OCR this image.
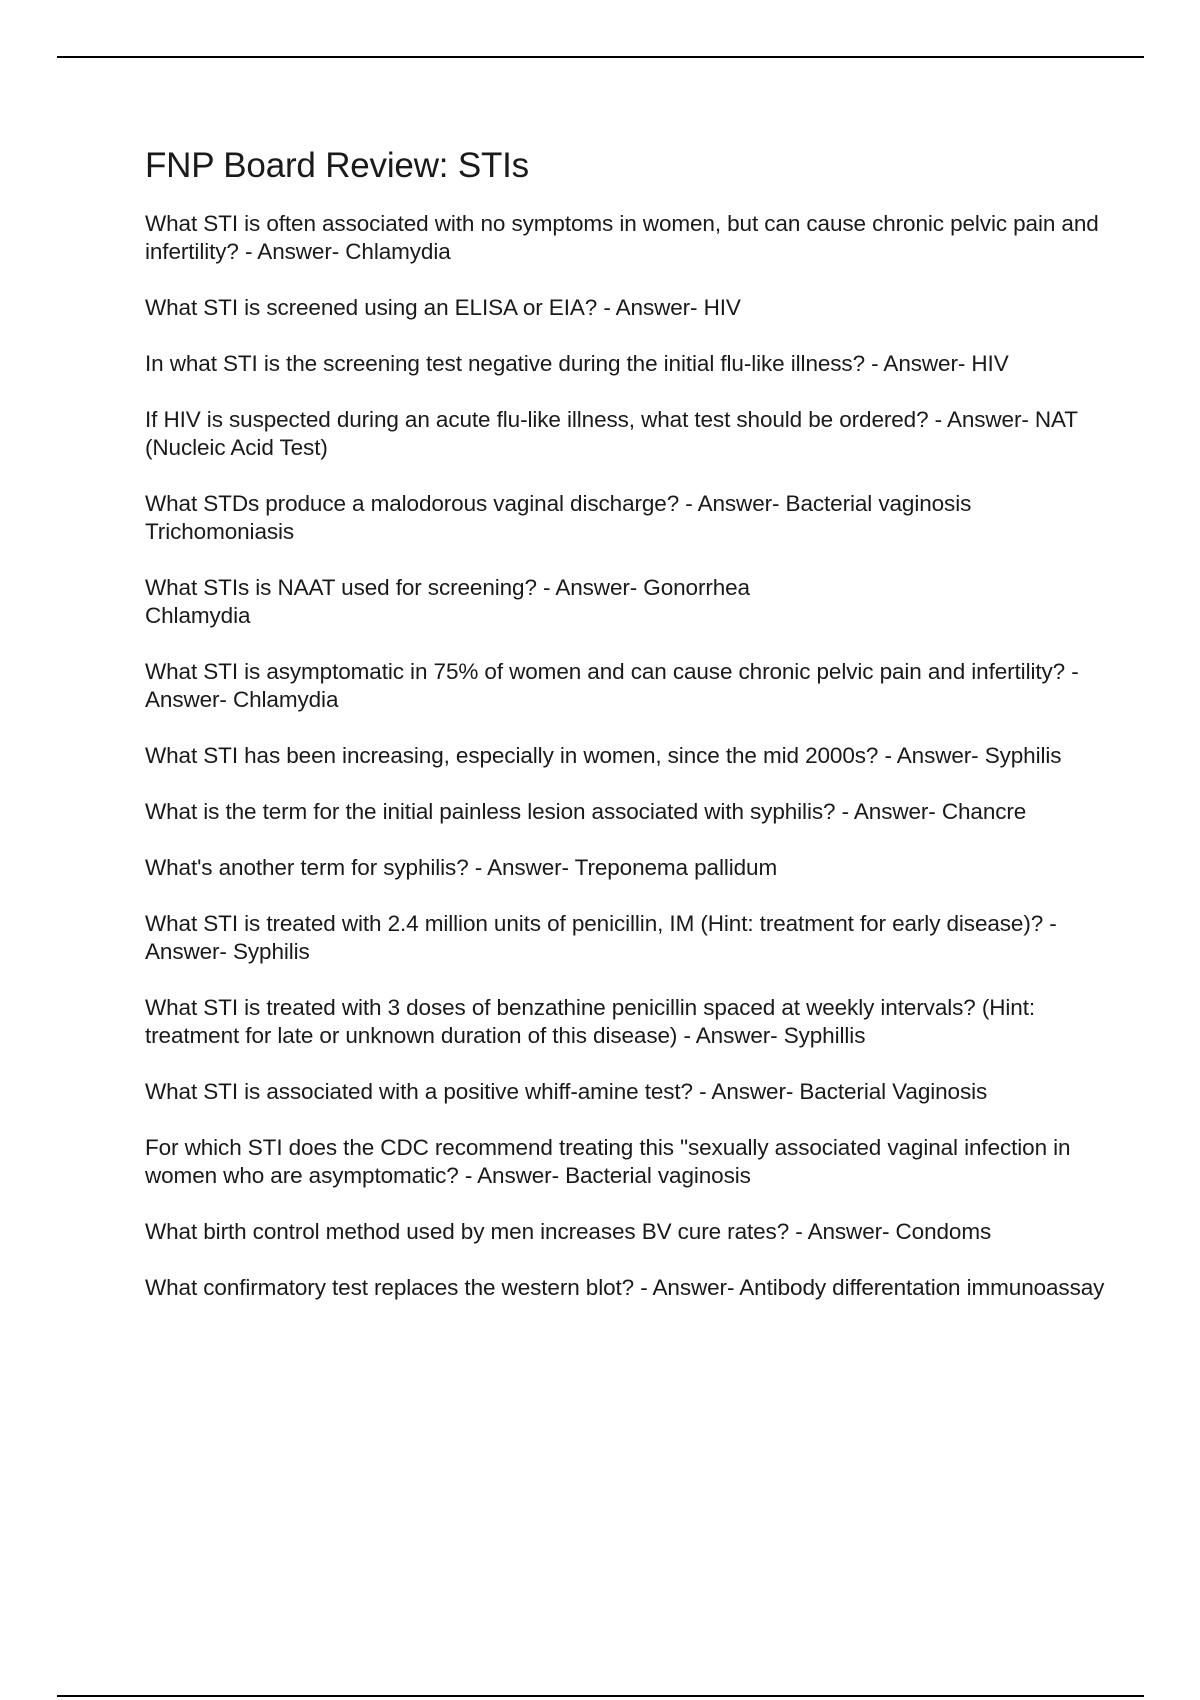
FNP Board Review: STIs
What STI is often associated with no symptoms in women, but can cause chronic pelvic pain and infertility? - Answer- Chlamydia
What STI is screened using an ELISA or EIA? - Answer- HIV
In what STI is the screening test negative during the initial flu-like illness? - Answer- HIV
If HIV is suspected during an acute flu-like illness, what test should be ordered? - Answer- NAT (Nucleic Acid Test)
What STDs produce a malodorous vaginal discharge? - Answer- Bacterial vaginosis
Trichomoniasis
What STIs is NAAT used for screening? - Answer- Gonorrhea
Chlamydia
What STI is asymptomatic in 75% of women and can cause chronic pelvic pain and infertility? - Answer- Chlamydia
What STI has been increasing, especially in women, since the mid 2000s? - Answer- Syphilis
What is the term for the initial painless lesion associated with syphilis? - Answer- Chancre
What's another term for syphilis? - Answer- Treponema pallidum
What STI is treated with 2.4 million units of penicillin, IM (Hint: treatment for early disease)? - Answer- Syphilis
What STI is treated with 3 doses of benzathine penicillin spaced at weekly intervals? (Hint: treatment for late or unknown duration of this disease) - Answer- Syphillis
What STI is associated with a positive whiff-amine test? - Answer- Bacterial Vaginosis
For which STI does the CDC recommend treating this "sexually associated vaginal infection in women who are asymptomatic? - Answer- Bacterial vaginosis
What birth control method used by men increases BV cure rates? - Answer- Condoms
What confirmatory test replaces the western blot? - Answer- Antibody differentation immunoassay
